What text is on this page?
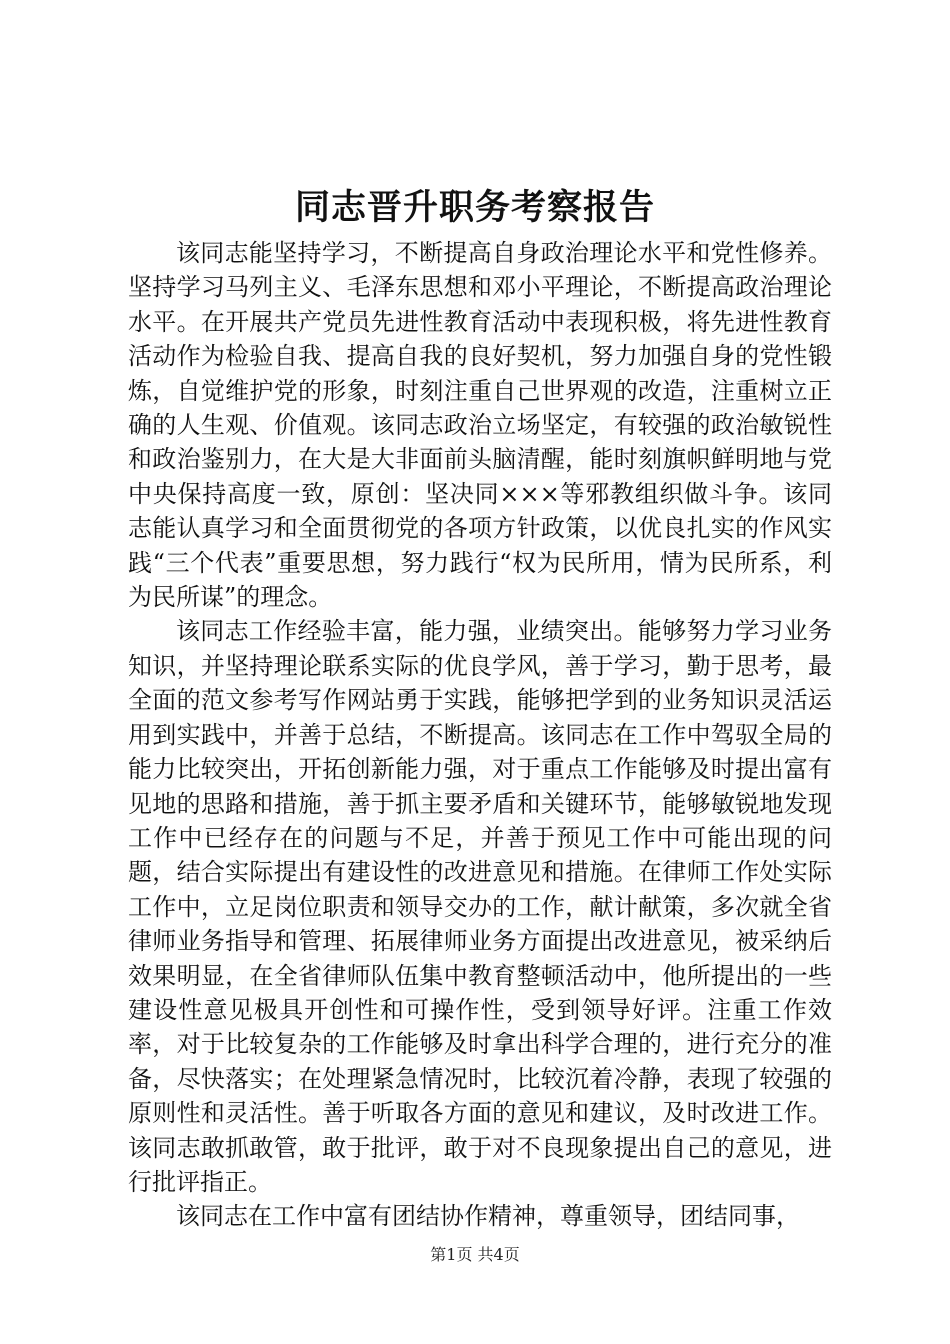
同志晋升职务考察报告

该同志能坚持学习，不断提高自身政治理论水平和党性修养。坚持学习马列主义、毛泽东思想和邓小平理论，不断提高政治理论水平。在开展共产党员先进性教育活动中表现积极，将先进性教育活动作为检验自我、提高自我的良好契机，努力加强自身的党性锻炼，自觉维护党的形象，时刻注重自己世界观的改造，注重树立正确的人生观、价值观。该同志政治立场坚定，有较强的政治敏锐性和政治鉴别力，在大是大非面前头脑清醒，能时刻旗帜鲜明地与党中央保持高度一致，原创：坚决同×××等邪教组织做斗争。该同志能认真学习和全面贯彻党的各项方针政策，以优良扎实的作风实践“三个代表”重要思想，努力践行“权为民所用，情为民所系，利为民所谋”的理念。

该同志工作经验丰富，能力强，业绩突出。能够努力学习业务知识，并坚持理论联系实际的优良学风，善于学习，勤于思考，最全面的范文参考写作网站勇于实践，能够把学到的业务知识灵活运用到实践中，并善于总结，不断提高。该同志在工作中驾驭全局的能力比较突出，开拓创新能力强，对于重点工作能够及时提出富有见地的思路和措施，善于抓主要矛盾和关键环节，能够敏锐地发现工作中已经存在的问题与不足，并善于预见工作中可能出现的问题，结合实际提出有建设性的改进意见和措施。在律师工作处实际工作中，立足岗位职责和领导交办的工作，献计献策，多次就全省律师业务指导和管理、拓展律师业务方面提出改进意见，被采纳后效果明显，在全省律师队伍集中教育整顿活动中，他所提出的一些建设性意见极具开创性和可操作性，受到领导好评。注重工作效率，对于比较复杂的工作能够及时拿出科学合理的，进行充分的准备，尽快落实；在处理紧急情况时，比较沉着冷静，表现了较强的原则性和灵活性。善于听取各方面的意见和建议，及时改进工作。该同志敢抓敢管，敢于批评，敢于对不良现象提出自己的意见，进行批评指正。

该同志在工作中富有团结协作精神，尊重领导，团结同事，

第1页 共4页
